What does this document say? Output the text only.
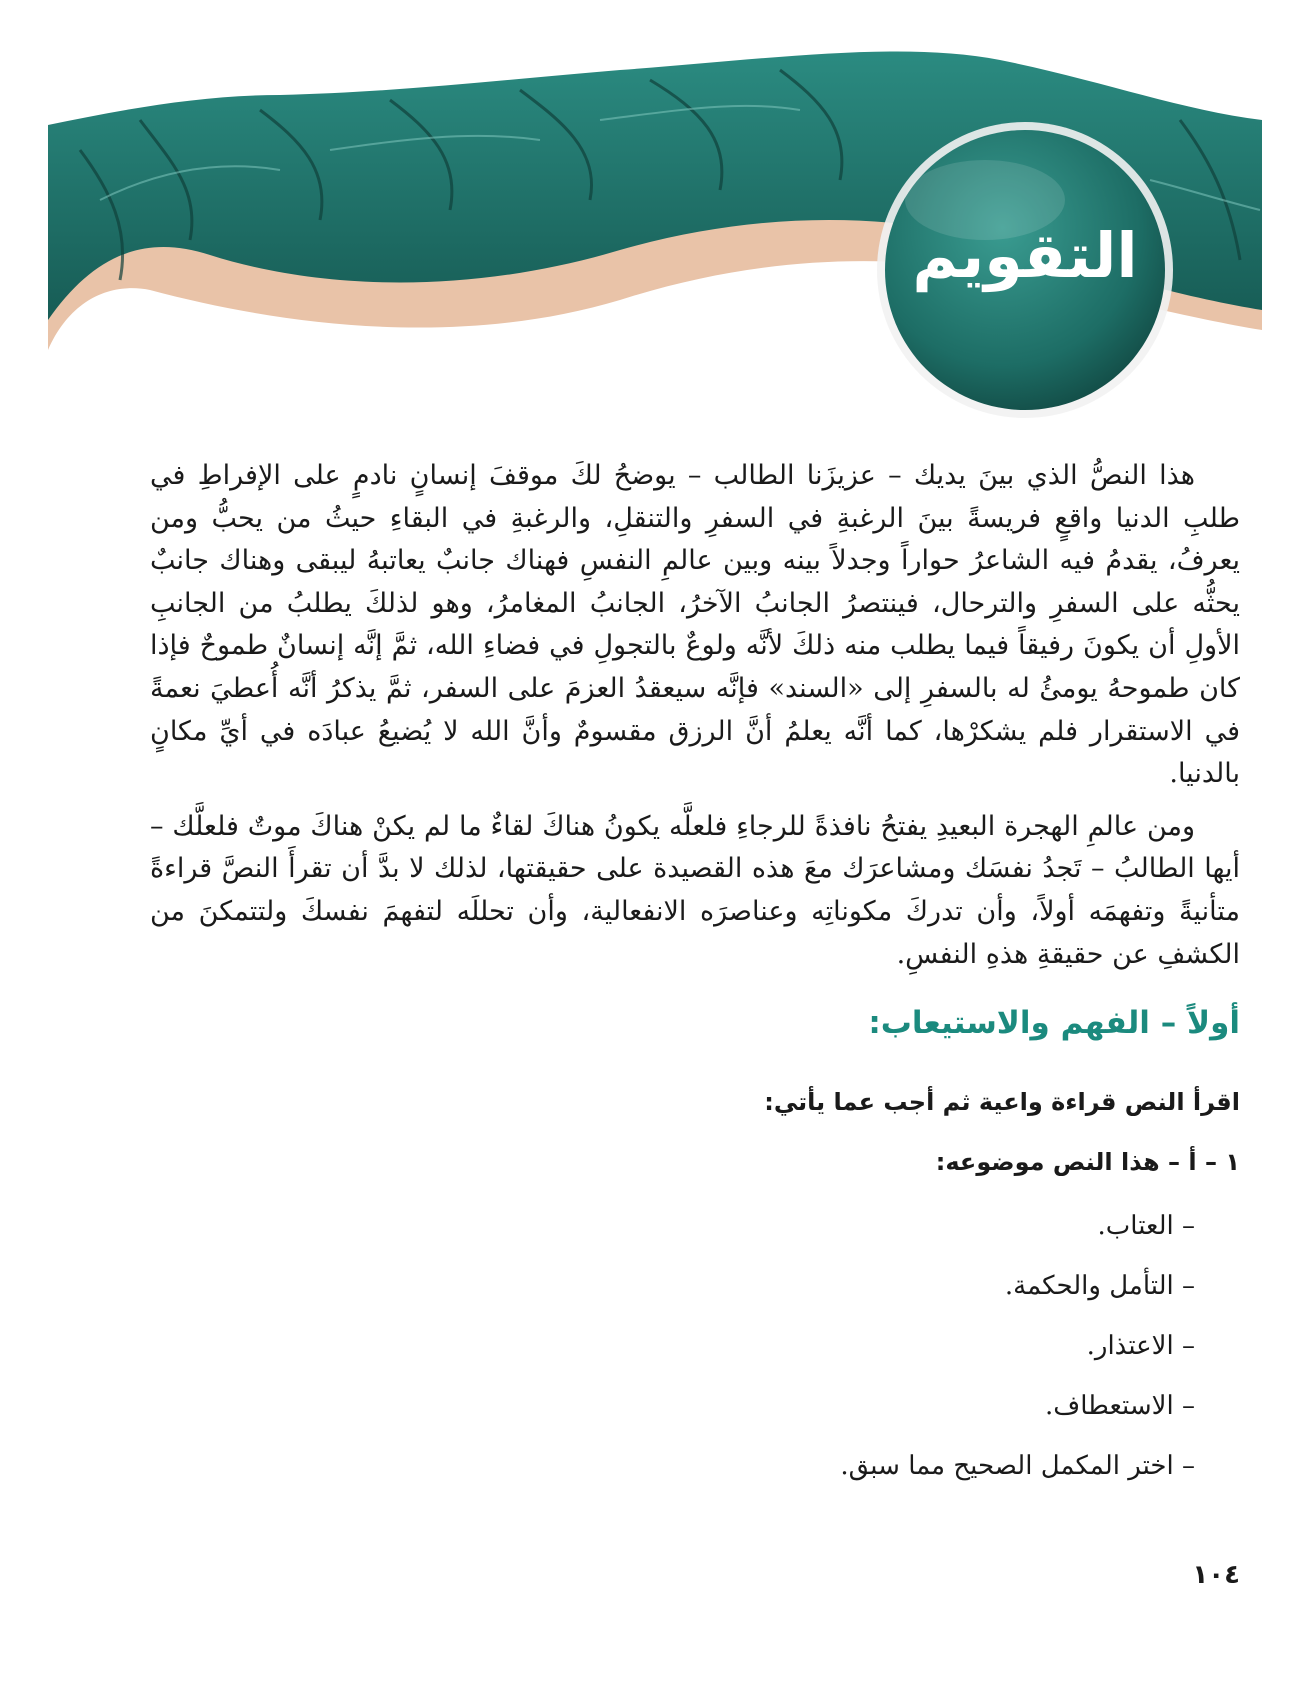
التقويم

هذا النصُّ الذي بينَ يديك – عزيزَنا الطالب – يوضحُ لكَ موقفَ إنسانٍ نادمٍ على الإفراطِ في طلبِ الدنيا واقعٍ فريسةً بينَ الرغبةِ في السفرِ والتنقلِ، والرغبةِ في البقاءِ حيثُ من يحبُّ ومن يعرفُ، يقدمُ فيه الشاعرُ حواراً وجدلاً بينه وبين عالمِ النفسِ فهناك جانبٌ يعاتبهُ ليبقى وهناك جانبٌ يحثُّه على السفرِ والترحال، فينتصرُ الجانبُ الآخرُ، الجانبُ المغامرُ، وهو لذلكَ يطلبُ من الجانبِ الأولِ أن يكونَ رفيقاً فيما يطلب منه ذلكَ لأنَّه ولوعٌ بالتجولِ في فضاءِ الله، ثمَّ إنَّه إنسانٌ طموحٌ فإذا كان طموحهُ يومئُ له بالسفرِ إلى «السند» فإنَّه سيعقدُ العزمَ على السفر، ثمَّ يذكرُ أنَّه أُعطيَ نعمةً في الاستقرار فلم يشكرْها، كما أنَّه يعلمُ أنَّ الرزق مقسومٌ وأنَّ الله لا يُضيعُ عبادَه في أيِّ مكانٍ بالدنيا.

ومن عالمِ الهجرة البعيدِ يفتحُ نافذةً للرجاءِ فلعلَّه يكونُ هناكَ لقاءٌ ما لم يكنْ هناكَ موتٌ فلعلَّك – أيها الطالبُ – تَجدُ نفسَك ومشاعرَك معَ هذه القصيدة على حقيقتها، لذلك لا بدَّ أن تقرأَ النصَّ قراءةً متأنيةً وتفهمَه أولاً، وأن تدركَ مكوناتِه وعناصرَه الانفعالية، وأن تحللَه لتفهمَ نفسكَ ولتتمكنَ من الكشفِ عن حقيقةِ هذهِ النفسِ.

أولاً – الفهم والاستيعاب:
اقرأ النص قراءة واعية ثم أجب عما يأتي:
١ – أ – هذا النص موضوعه:
– العتاب.
– التأمل والحكمة.
– الاعتذار.
– الاستعطاف.
– اختر المكمل الصحيح مما سبق.
١٠٤
